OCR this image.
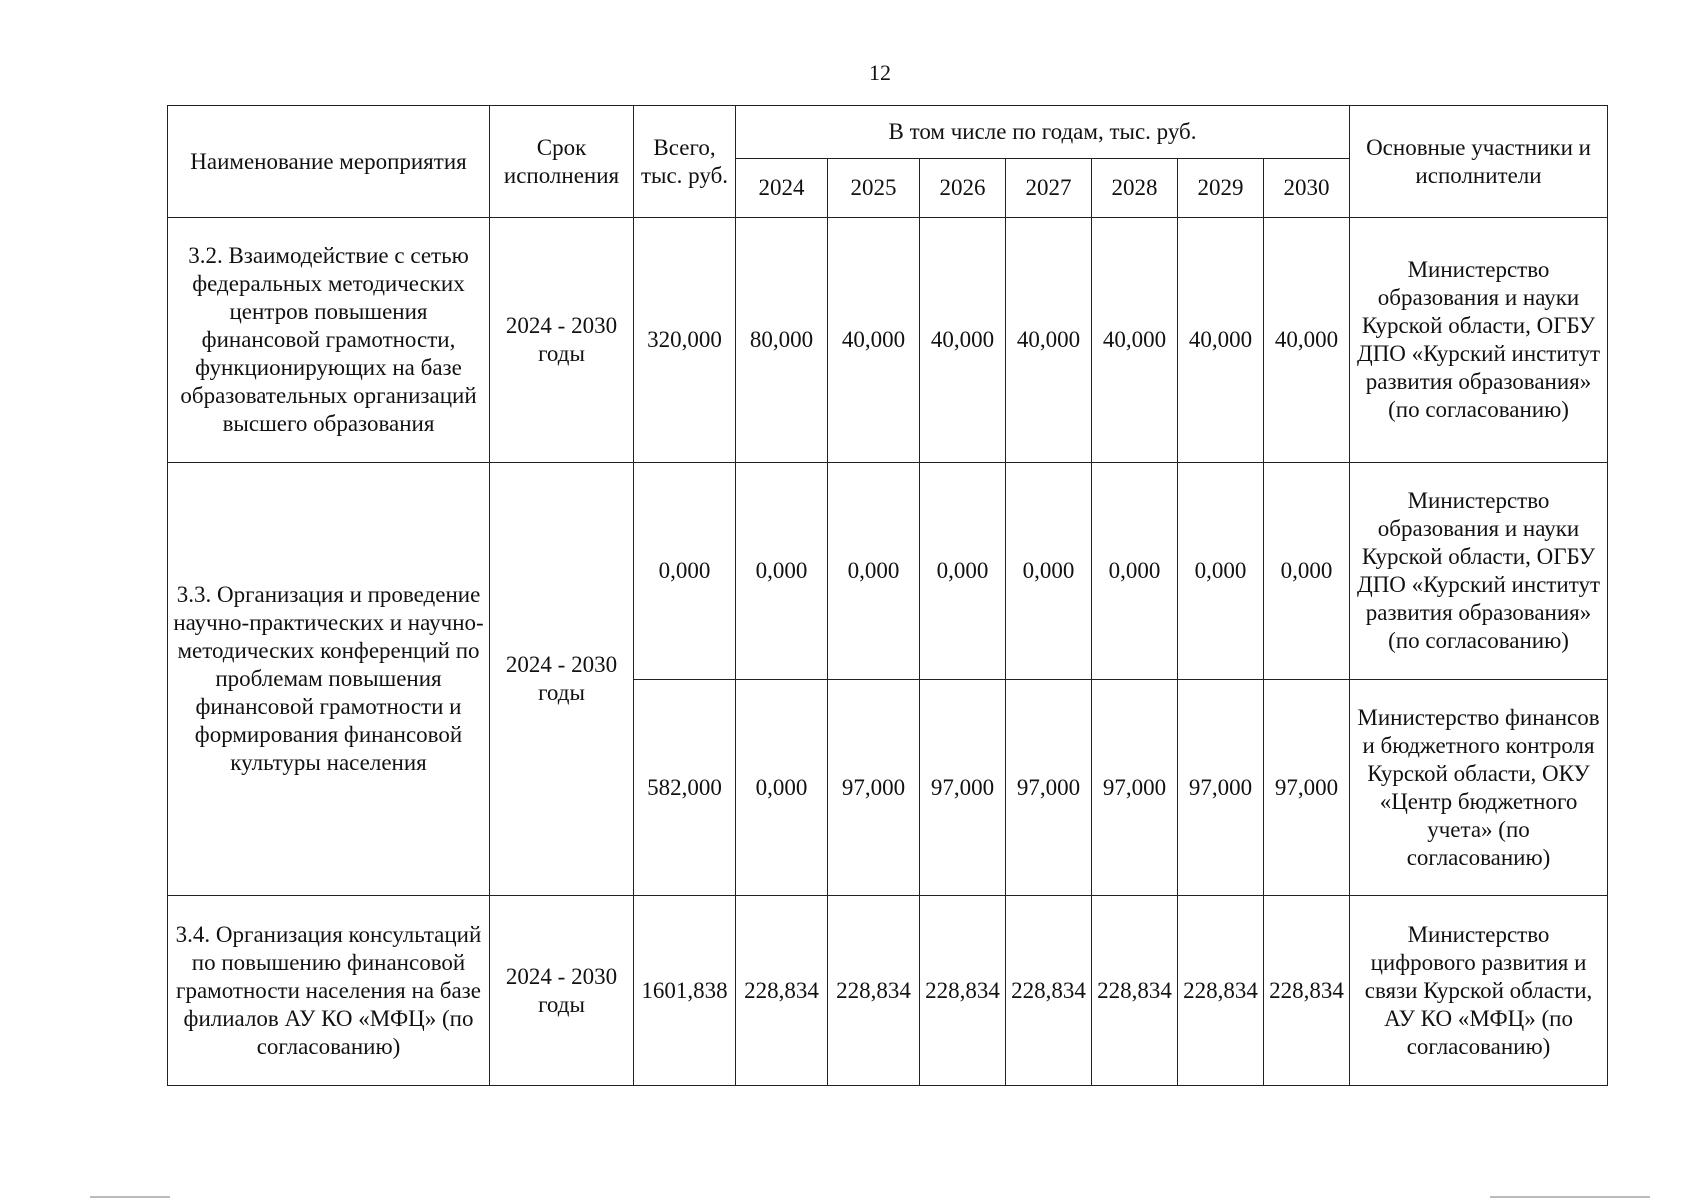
12
Наименование мероприятия	Срок исполнения	Всего, тыс. руб.	В том числе по годам, тыс. руб.							Основные участники и исполнители
			2024	2025	2026	2027	2028	2029	2030	
3.2. Взаимодействие с сетью федеральных методических центров повышения финансовой грамотности, функционирующих на базе образовательных организаций высшего образования	2024 - 2030 годы	320,000	80,000	40,000	40,000	40,000	40,000	40,000	40,000	Министерство образования и науки Курской области, ОГБУ ДПО «Курский институт развития образования» (по согласованию)
3.3. Организация и проведение научно-практических и научно-методических конференций по проблемам повышения финансовой грамотности и формирования финансовой культуры населения	2024 - 2030 годы	0,000	0,000	0,000	0,000	0,000	0,000	0,000	0,000	Министерство образования и науки Курской области, ОГБУ ДПО «Курский институт развития образования» (по согласованию)
		582,000	0,000	97,000	97,000	97,000	97,000	97,000	97,000	Министерство финансов и бюджетного контроля Курской области, ОКУ «Центр бюджетного учета» (по согласованию)
3.4. Организация консультаций по повышению финансовой грамотности населения на базе филиалов АУ КО «МФЦ» (по согласованию)	2024 - 2030 годы	1601,838	228,834	228,834	228,834	228,834	228,834	228,834	228,834	Министерство цифрового развития и связи Курской области, АУ КО «МФЦ» (по согласованию)
